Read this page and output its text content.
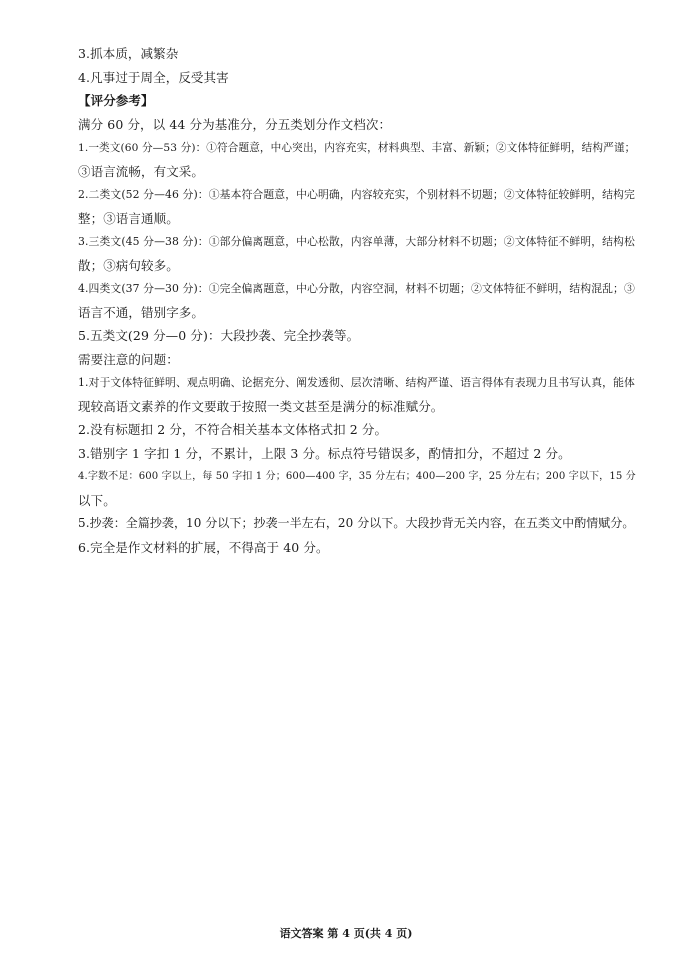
3.抓本质，减繁杂
4.凡事过于周全，反受其害
【评分参考】
满分 60 分，以 44 分为基准分，分五类划分作文档次：
1.一类文(60 分—53 分)：①符合题意，中心突出，内容充实，材料典型、丰富、新颖；②文体特征鲜明，结构严谨；
③语言流畅，有文采。
2.二类文(52 分—46 分)：①基本符合题意，中心明确，内容较充实，个别材料不切题；②文体特征较鲜明，结构完
整；③语言通顺。
3.三类文(45 分—38 分)：①部分偏离题意，中心松散，内容单薄，大部分材料不切题；②文体特征不鲜明，结构松
散；③病句较多。
4.四类文(37 分—30 分)：①完全偏离题意，中心分散，内容空洞，材料不切题；②文体特征不鲜明，结构混乱；③
语言不通，错别字多。
5.五类文(29 分—0 分)：大段抄袭、完全抄袭等。
需要注意的问题：
1.对于文体特征鲜明、观点明确、论据充分、阐发透彻、层次清晰、结构严谨、语言得体有表现力且书写认真，能体
现较高语文素养的作文要敢于按照一类文甚至是满分的标准赋分。
2.没有标题扣 2 分，不符合相关基本文体格式扣 2 分。
3.错别字 1 字扣 1 分，不累计，上限 3 分。标点符号错误多，酌情扣分，不超过 2 分。
4.字数不足：600 字以上，每 50 字扣 1 分；600—400 字，35 分左右；400—200 字，25 分左右；200 字以下，15 分
以下。
5.抄袭：全篇抄袭，10 分以下；抄袭一半左右，20 分以下。大段抄背无关内容，在五类文中酌情赋分。
6.完全是作文材料的扩展，不得高于 40 分。
语文答案 第 4 页(共 4 页)
